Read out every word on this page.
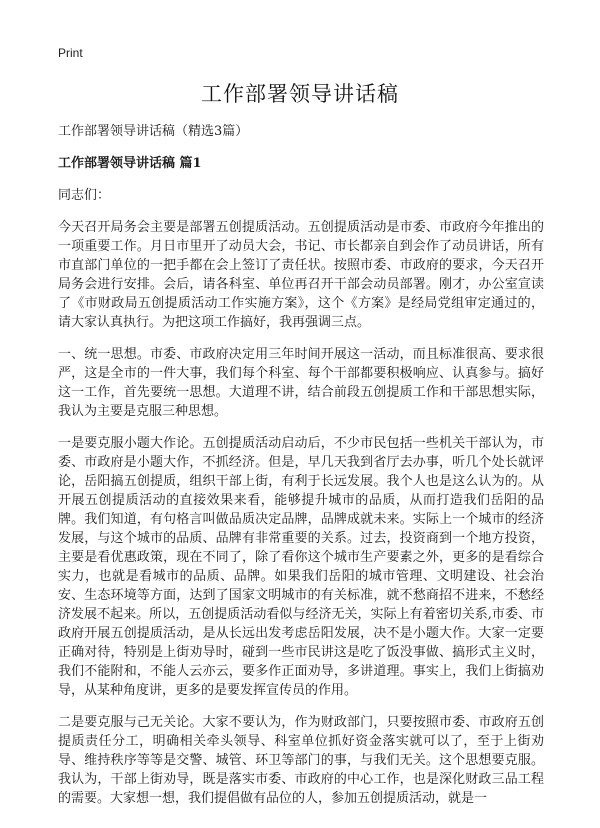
Print
工作部署领导讲话稿

工作部署领导讲话稿（精选3篇）

工作部署领导讲话稿 篇1

同志们：

今天召开局务会主要是部署五创提质活动。五创提质活动是市委、市政府今年推出的一项重要工作。月日市里开了动员大会，书记、市长都亲自到会作了动员讲话，所有市直部门单位的一把手都在会上签订了责任状。按照市委、市政府的要求，今天召开局务会进行安排。会后，请各科室、单位再召开干部会动员部署。刚才，办公室宣读了《市财政局五创提质活动工作实施方案》，这个《方案》是经局党组审定通过的，请大家认真执行。为把这项工作搞好，我再强调三点。

一、统一思想。市委、市政府决定用三年时间开展这一活动，而且标准很高、要求很严，这是全市的一件大事，我们每个科室、每个干部都要积极响应、认真参与。搞好这一工作，首先要统一思想。大道理不讲，结合前段五创提质工作和干部思想实际，我认为主要是克服三种思想。

一是要克服小题大作论。五创提质活动启动后，不少市民包括一些机关干部认为，市委、市政府是小题大作，不抓经济。但是，早几天我到省厅去办事，听几个处长就评论，岳阳搞五创提质，组织干部上街，有利于长远发展。我个人也是这么认为的。从开展五创提质活动的直接效果来看，能够提升城市的品质，从而打造我们岳阳的品牌。我们知道，有句格言叫做品质决定品牌，品牌成就未来。实际上一个城市的经济发展，与这个城市的品质、品牌有非常重要的关系。过去，投资商到一个地方投资，主要是看优惠政策，现在不同了，除了看你这个城市生产要素之外，更多的是看综合实力，也就是看城市的品质、品牌。如果我们岳阳的城市管理、文明建设、社会治安、生态环境等方面，达到了国家文明城市的有关标准，就不愁商招不进来，不愁经济发展不起来。所以，五创提质活动看似与经济无关，实际上有着密切关系,市委、市政府开展五创提质活动，是从长远出发考虑岳阳发展，决不是小题大作。大家一定要正确对待，特别是上街劝导时，碰到一些市民讲这是吃了饭没事做、搞形式主义时，我们不能附和，不能人云亦云，要多作正面劝导，多讲道理。事实上，我们上街搞劝导，从某种角度讲，更多的是要发挥宣传员的作用。

二是要克服与己无关论。大家不要认为，作为财政部门，只要按照市委、市政府五创提质责任分工，明确相关牵头领导、科室单位抓好资金落实就可以了，至于上街劝导、维持秩序等等是交警、城管、环卫等部门的事，与我们无关。这个思想要克服。我认为，干部上街劝导，既是落实市委、市政府的中心工作，也是深化财政三品工程的需要。大家想一想，我们提倡做有品位的人，参加五创提质活动，就是一
